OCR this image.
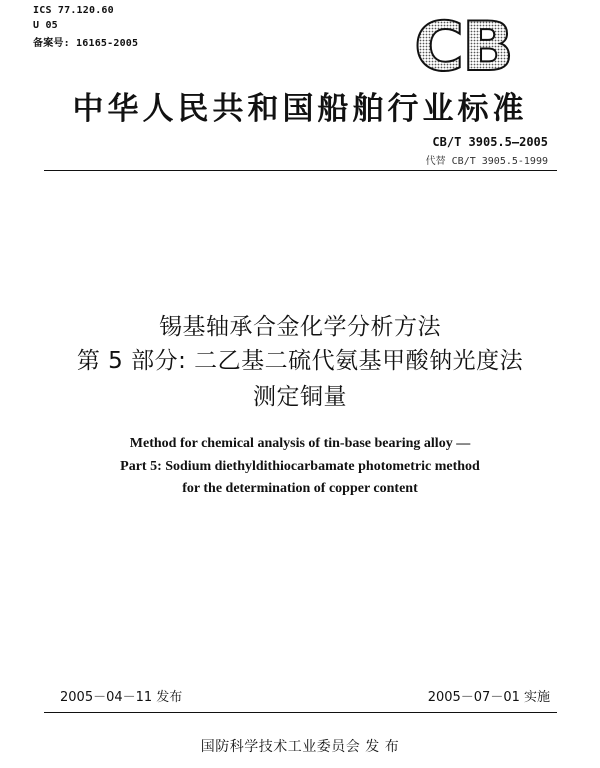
ICS 77.120.60
U 05
备案号: 16165-2005	CB
中华人民共和国船舶行业标准
CB/T 3905.5—2005
代替 CB/T 3905.5-1999
锡基轴承合金化学分析方法
第 5 部分: 二乙基二硫代氨基甲酸钠光度法
测定铜量
Method for chemical analysis of tin-base bearing alloy —
Part 5: Sodium diethyldithiocarbamate photometric method
for the determination of copper content
2005－04－11 发布	2005－07－01 实施
国防科学技术工业委员会 发 布
